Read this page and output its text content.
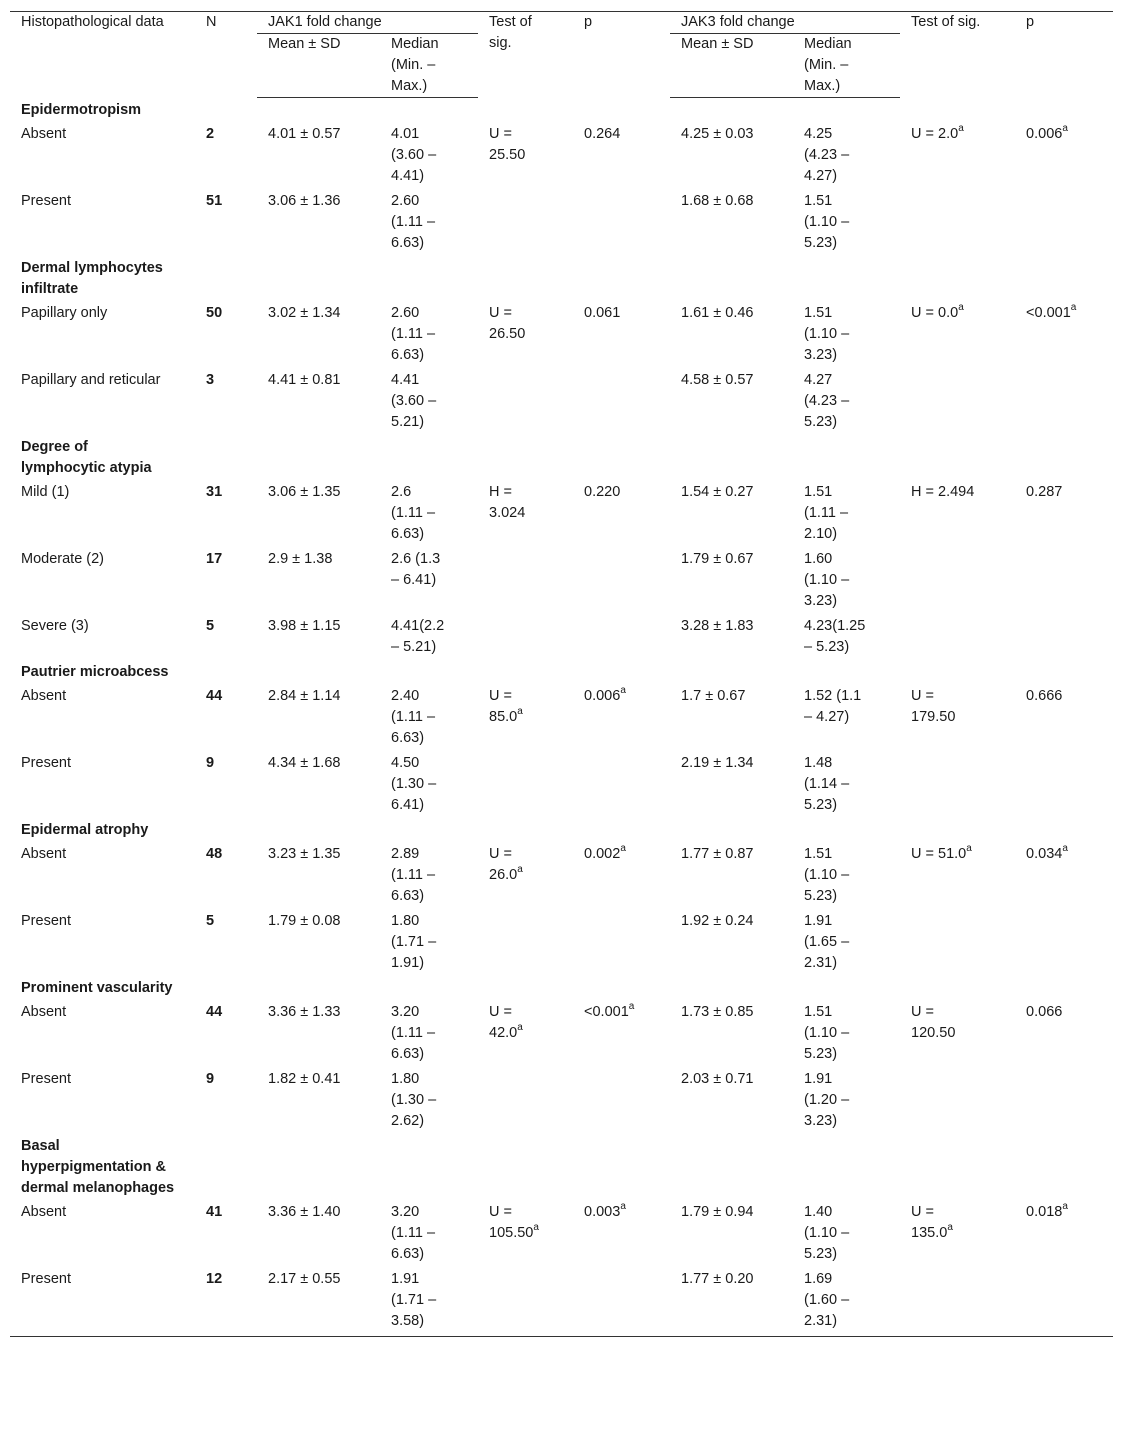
Histopathological data	N	JAK1 fold change		Test of sig.	p	JAK3 fold change		Test of sig.	p
		Mean ± SD	Median (Min. – Max.)			Mean ± SD	Median (Min. – Max.)		
Epidermotropism									
Absent	2	4.01 ± 0.57	4.01 (3.60 – 4.41)	U = 25.50	0.264	4.25 ± 0.03	4.25 (4.23 – 4.27)	U = 2.0$^a$	0.006$^a$
Present	51	3.06 ± 1.36	2.60 (1.11 – 6.63)			1.68 ± 0.68	1.51 (1.10 – 5.23)		
Dermal lymphocytes infiltrate									
Papillary only	50	3.02 ± 1.34	2.60 (1.11 – 6.63)	U = 26.50	0.061	1.61 ± 0.46	1.51 (1.10 – 3.23)	U = 0.0$^a$	<0.001$^a$
Papillary and reticular	3	4.41 ± 0.81	4.41 (3.60 – 5.21)			4.58 ± 0.57	4.27 (4.23 – 5.23)		
Degree of lymphocytic atypia									
Mild (1)	31	3.06 ± 1.35	2.6 (1.11 – 6.63)	H = 3.024	0.220	1.54 ± 0.27	1.51 (1.11 – 2.10)	H = 2.494	0.287
Moderate (2)	17	2.9 ± 1.38	2.6 (1.3 – 6.41)			1.79 ± 0.67	1.60 (1.10 – 3.23)		
Severe (3)	5	3.98 ± 1.15	4.41(2.2 – 5.21)			3.28 ± 1.83	4.23(1.25 – 5.23)		
Pautrier microabcess									
Absent	44	2.84 ± 1.14	2.40 (1.11 – 6.63)	U = 85.0$^a$	0.006$^a$	1.7 ± 0.67	1.52 (1.1 – 4.27)	U = 179.50	0.666
Present	9	4.34 ± 1.68	4.50 (1.30 – 6.41)			2.19 ± 1.34	1.48 (1.14 – 5.23)		
Epidermal atrophy									
Absent	48	3.23 ± 1.35	2.89 (1.11 – 6.63)	U = 26.0$^a$	0.002$^a$	1.77 ± 0.87	1.51 (1.10 – 5.23)	U = 51.0$^a$	0.034$^a$
Present	5	1.79 ± 0.08	1.80 (1.71 – 1.91)			1.92 ± 0.24	1.91 (1.65 – 2.31)		
Prominent vascularity									
Absent	44	3.36 ± 1.33	3.20 (1.11 – 6.63)	U = 42.0$^a$	<0.001$^a$	1.73 ± 0.85	1.51 (1.10 – 5.23)	U = 120.50	0.066
Present	9	1.82 ± 0.41	1.80 (1.30 – 2.62)			2.03 ± 0.71	1.91 (1.20 – 3.23)		
Basal hyperpigmentation & dermal melanophages									
Absent	41	3.36 ± 1.40	3.20 (1.11 – 6.63)	U = 105.50$^a$	0.003$^a$	1.79 ± 0.94	1.40 (1.10 – 5.23)	U = 135.0$^a$	0.018$^a$
Present	12	2.17 ± 0.55	1.91 (1.71 – 3.58)			1.77 ± 0.20	1.69 (1.60 – 2.31)		
